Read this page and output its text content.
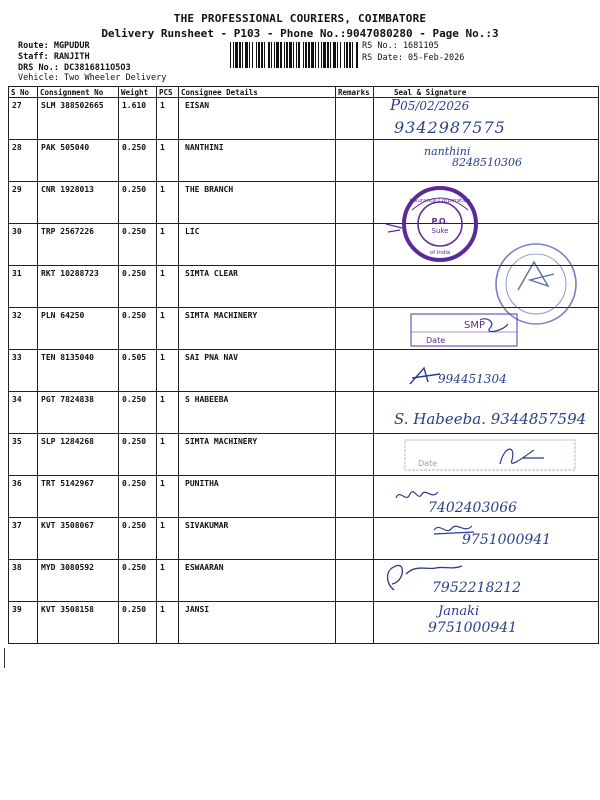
THE PROFESSIONAL COURIERS, COIMBATORE
Delivery Runsheet - P103 - Phone No.:9047080280 - Page No.:3
Route: MGPUDUR
Staff: RANJITH
DRS No.: DC3816811O5O3
Vehicle: Two Wheeler Delivery
RS No.: 1681105
RS Date: 05-Feb-2026
S No	Consignment No	Weight	PCS	Consignee Details	Remarks	Seal & Signature
27	SLM 388502665	1.610	1	EISAN		
28	PAK 505040	0.250	1	NANTHINI		
29	CNR 1928013	0.250	1	THE BRANCH		
30	TRP 2567226	0.250	1	LIC		
31	RKT 10288723	0.250	1	SIMTA CLEAR		
32	PLN 64250	0.250	1	SIMTA MACHINERY		
33	TEN 8135040	0.505	1	SAI PNA NAV		
34	PGT 7824838	0.250	1	S HABEEBA		
35	SLP 1284268	0.250	1	SIMTA MACHINERY		
36	TRT 5142967	0.250	1	PUNITHA		
37	KVT 3508067	0.250	1	SIVAKUMAR		
38	MYD 3080592	0.250	1	ESWAARAN		
39	KVT 3508158	0.250	1	JANSI		
P.O.
Suke
Insurance Corporation
of India
SMP
Date
Date
P05/02/2026
9342987575
nanthini
8248510306
994451304
S. Habeeba. 9344857594
7402403066
9751000941
7952218212
Janaki
9751000941
